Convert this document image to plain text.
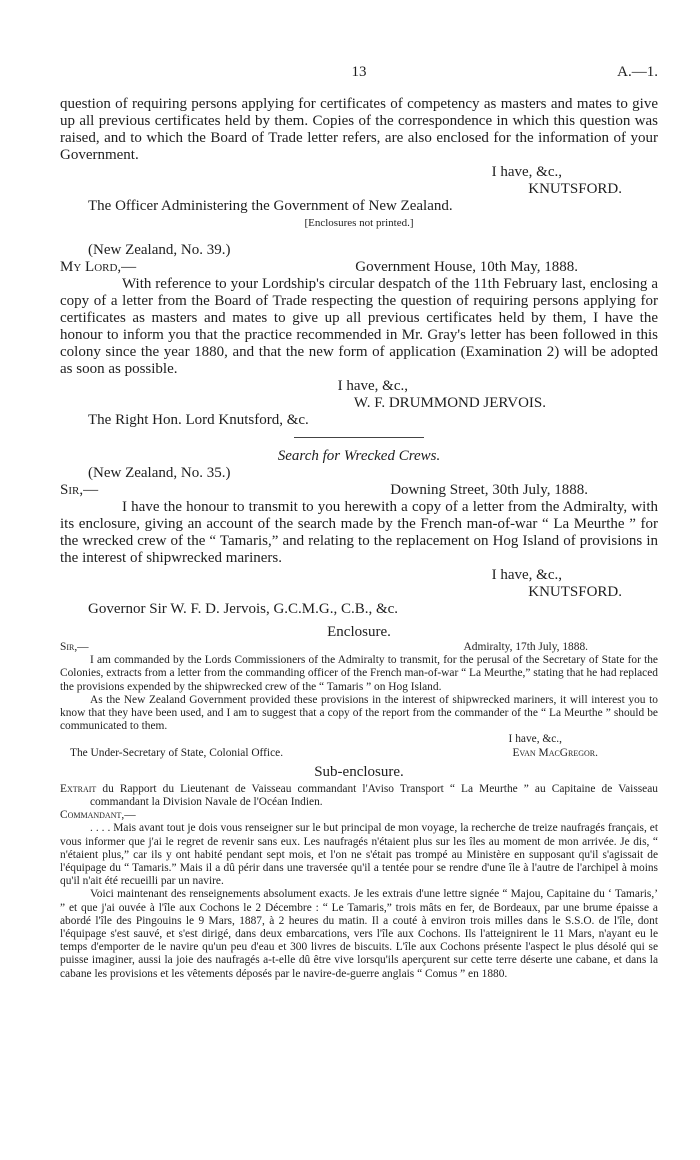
13	A.—1.

question of requiring persons applying for certificates of competency as masters and mates to give up all previous certificates held by them. Copies of the correspondence in which this question was raised, and to which the Board of Trade letter refers, are also enclosed for the information of your Government.

I have, &c.,
KNUTSFORD.
The Officer Administering the Government of New Zealand.
[Enclosures not printed.]
(New Zealand, No. 39.)
My Lord,—	Government House, 10th May, 1888.

With reference to your Lordship's circular despatch of the 11th February last, enclosing a copy of a letter from the Board of Trade respecting the question of requiring persons applying for certificates as masters and mates to give up all previous certificates held by them, I have the honour to inform you that the practice recommended in Mr. Gray's letter has been followed in this colony since the year 1880, and that the new form of application (Examination 2) will be adopted as soon as possible.

I have, &c.,
W. F. DRUMMOND JERVOIS.
The Right Hon. Lord Knutsford, &c.
Search for Wrecked Crews.
(New Zealand, No. 35.)
Sir,—	Downing Street, 30th July, 1888.

I have the honour to transmit to you herewith a copy of a letter from the Admiralty, with its enclosure, giving an account of the search made by the French man-of-war “ La Meurthe ” for the wrecked crew of the “ Tamaris,” and relating to the replacement on Hog Island of provisions in the interest of shipwrecked mariners.

I have, &c.,
KNUTSFORD.
Governor Sir W. F. D. Jervois, G.C.M.G., C.B., &c.
Enclosure.
Sir,—	Admiralty, 17th July, 1888.

I am commanded by the Lords Commissioners of the Admiralty to transmit, for the perusal of the Secretary of State for the Colonies, extracts from a letter from the commanding officer of the French man-of-war “ La Meurthe,” stating that he had replaced the provisions expended by the shipwrecked crew of the “ Tamaris ” on Hog Island.

As the New Zealand Government provided these provisions in the interest of shipwrecked mariners, it will interest you to know that they have been used, and I am to suggest that a copy of the report from the commander of the “ La Meurthe ” should be communicated to them.

I have, &c.,
The Under-Secretary of State, Colonial Office.	Evan MacGregor.
Sub-enclosure.

Extrait du Rapport du Lieutenant de Vaisseau commandant l'Aviso Transport “ La Meurthe ” au Capitaine de Vaisseau commandant la Division Navale de l'Océan Indien.

Commandant,—

. . . . Mais avant tout je dois vous renseigner sur le but principal de mon voyage, la recherche de treize naufragés français, et vous informer que j'ai le regret de revenir sans eux. Les naufragés n'étaient plus sur les îles au moment de mon arrivée. Je dis, “ n'étaient plus,” car ils y ont habité pendant sept mois, et l'on ne s'était pas trompé au Ministère en supposant qu'il s'agissait de l'équipage du “ Tamaris.” Mais il a dû périr dans une traversée qu'il a tentée pour se rendre d'une île à l'autre de l'archipel à moins qu'il n'ait été recueilli par un navire.

Voici maintenant des renseignements absolument exacts. Je les extrais d'une lettre signée “ Majou, Capitaine du ‘ Tamaris,’ ” et que j'ai ouvée à l'île aux Cochons le 2 Décembre : “ Le Tamaris,” trois mâts en fer, de Bordeaux, par une brume épaisse a abordé l'île des Pingouins le 9 Mars, 1887, à 2 heures du matin. Il a couté à environ trois milles dans le S.S.O. de l'île, dont l'équipage s'est sauvé, et s'est dirigé, dans deux embarcations, vers l'île aux Cochons. Ils l'atteignirent le 11 Mars, n'ayant eu le temps d'emporter de le navire qu'un peu d'eau et 300 livres de biscuits. L'île aux Cochons présente l'aspect le plus désolé qui se puisse imaginer, aussi la joie des naufragés a-t-elle dû être vive lorsqu'ils aperçurent sur cette terre déserte une cabane, et dans la cabane les provisions et les vêtements déposés par le navire-de-guerre anglais “ Comus ” en 1880.
